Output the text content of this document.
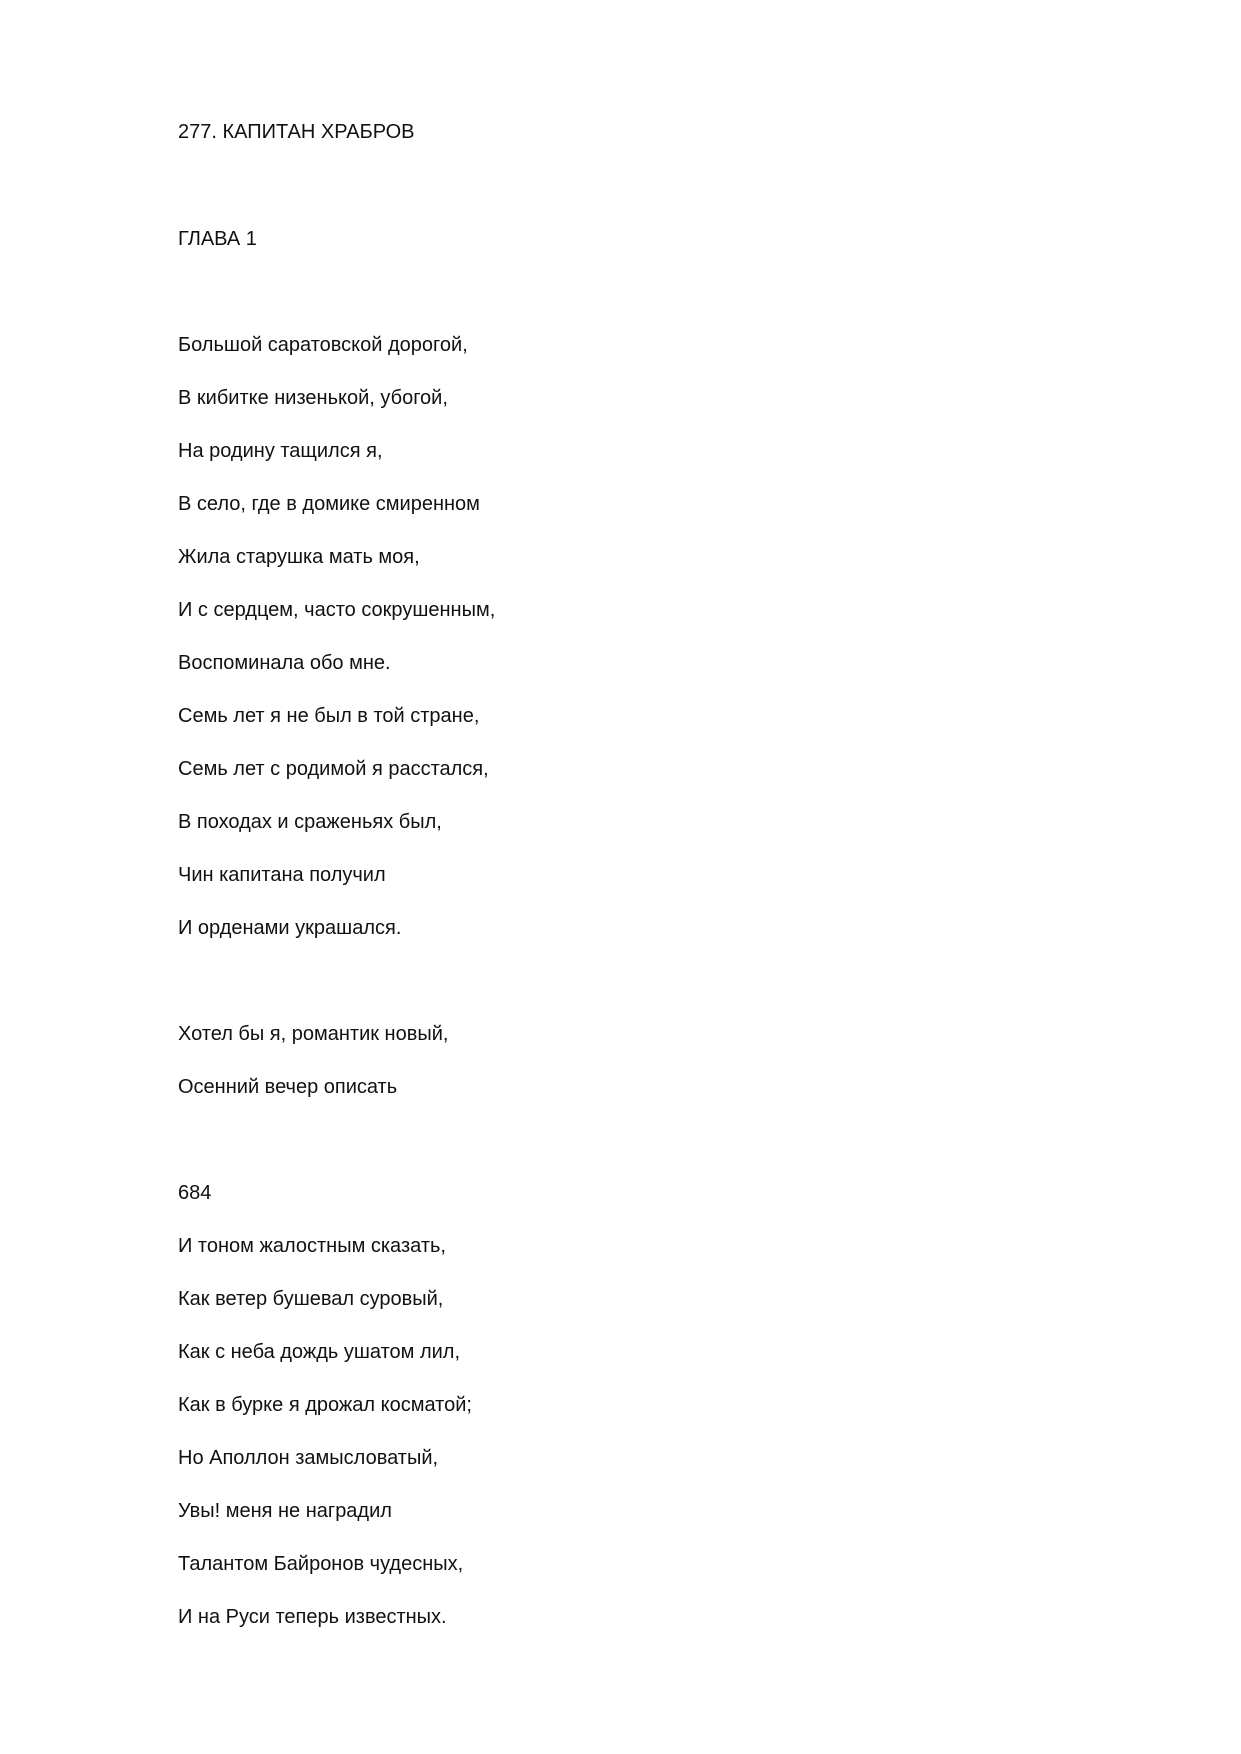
277. КАПИТАН ХРАБРОВ
ГЛАВА 1
Большой саратовской дорогой,
В кибитке низенькой, убогой,
На родину тащился я,
В село, где в домике смиренном
Жила старушка мать моя,
И с сердцем, часто сокрушенным,
Воспоминала обо мне.
Семь лет я не был в той стране,
Семь лет с родимой я расстался,
В походах и сраженьях был,
Чин капитана получил
И орденами украшался.
Хотел бы я, романтик новый,
Осенний вечер описать
684
И тоном жалостным сказать,
Как ветер бушевал суровый,
Как с неба дождь ушатом лил,
Как в бурке я дрожал косматой;
Но Аполлон замысловатый,
Увы! меня не наградил
Талантом Байронов чудесных,
И на Руси теперь известных.
